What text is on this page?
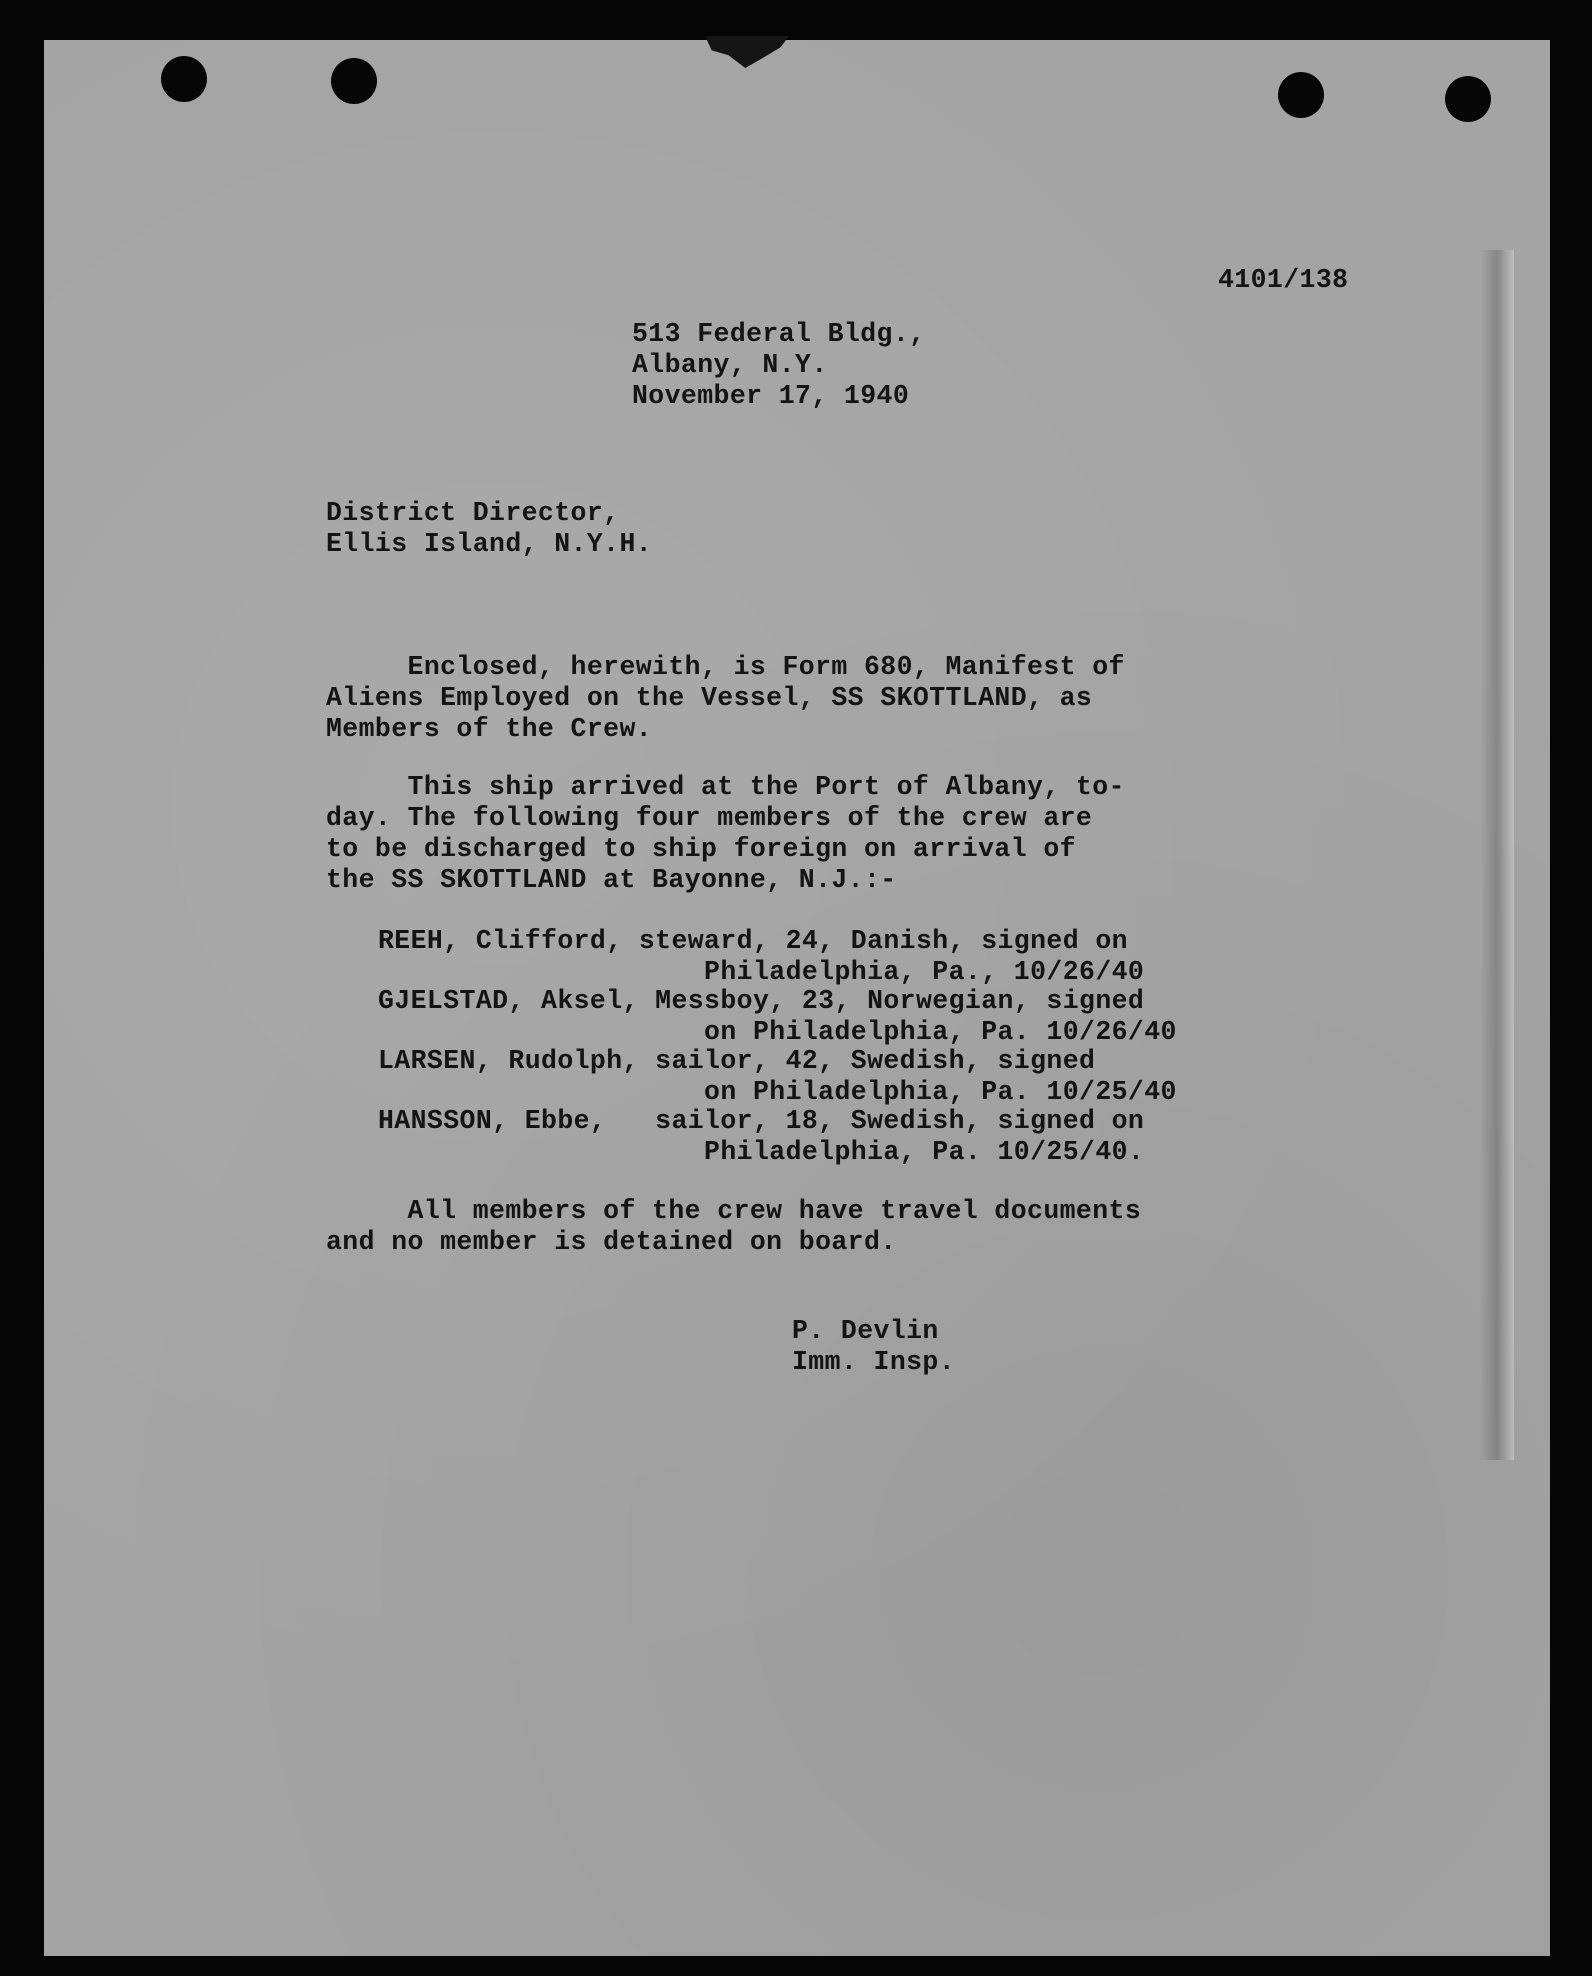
4101/138

513 Federal Bldg.,

Albany, N.Y.

November 17, 1940

District Director,

Ellis Island, N.Y.H.

Enclosed, herewith, is Form 680, Manifest of
Aliens Employed on the Vessel, SS SKOTTLAND, as
Members of the Crew.

This ship arrived at the Port of Albany, to-
day. The following four members of the crew are
to be discharged to ship foreign on arrival of
the SS SKOTTLAND at Bayonne, N.J.:-

REEH, Clifford, steward, 24, Danish, signed on
Philadelphia, Pa., 10/26/40

GJELSTAD, Aksel, Messboy, 23, Norwegian, signed
on Philadelphia, Pa. 10/26/40

LARSEN, Rudolph, sailor, 42, Swedish, signed
on Philadelphia, Pa. 10/25/40

HANSSON, Ebbe,   sailor, 18, Swedish, signed on
Philadelphia, Pa. 10/25/40.

All members of the crew have travel documents
and no member is detained on board.

P. Devlin

Imm. Insp.
